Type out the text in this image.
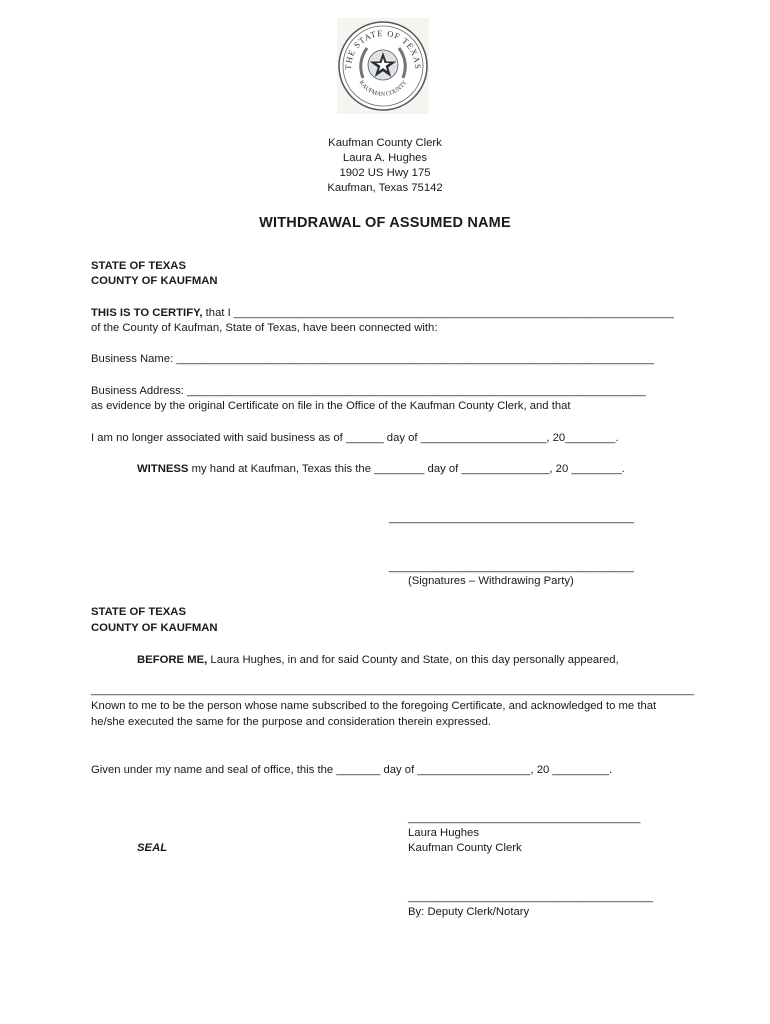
THE STATE OF TEXAS
KAUFMAN COUNTY
Kaufman County Clerk
Laura A. Hughes
1902 US Hwy 175
Kaufman, Texas 75142
WITHDRAWAL OF ASSUMED NAME
STATE OF TEXAS
COUNTY OF KAUFMAN
THIS IS TO CERTIFY, that I ______________________________________________________________________
of the County of Kaufman, State of Texas, have been connected with:
Business Name: ____________________________________________________________________________
Business Address: _________________________________________________________________________
as evidence by the original Certificate on file in the Office of the Kaufman County Clerk, and that
I am no longer associated with said business as of ______ day of ____________________, 20________.
WITNESS my hand at Kaufman, Texas this the ________ day of ______________, 20 ________.
_______________________________________
_______________________________________
(Signatures – Withdrawing Party)
STATE OF TEXAS
COUNTY OF KAUFMAN
BEFORE ME, Laura Hughes, in and for said County and State, on this day personally appeared,
________________________________________________________________________________________________
Known to me to be the person whose name subscribed to the foregoing Certificate, and acknowledged to me that
he/she executed the same for the purpose and consideration therein expressed.
Given under my name and seal of office, this the _______ day of __________________, 20 _________.
_____________________________________
Laura Hughes
Kaufman County Clerk
SEAL
_______________________________________
By: Deputy Clerk/Notary
